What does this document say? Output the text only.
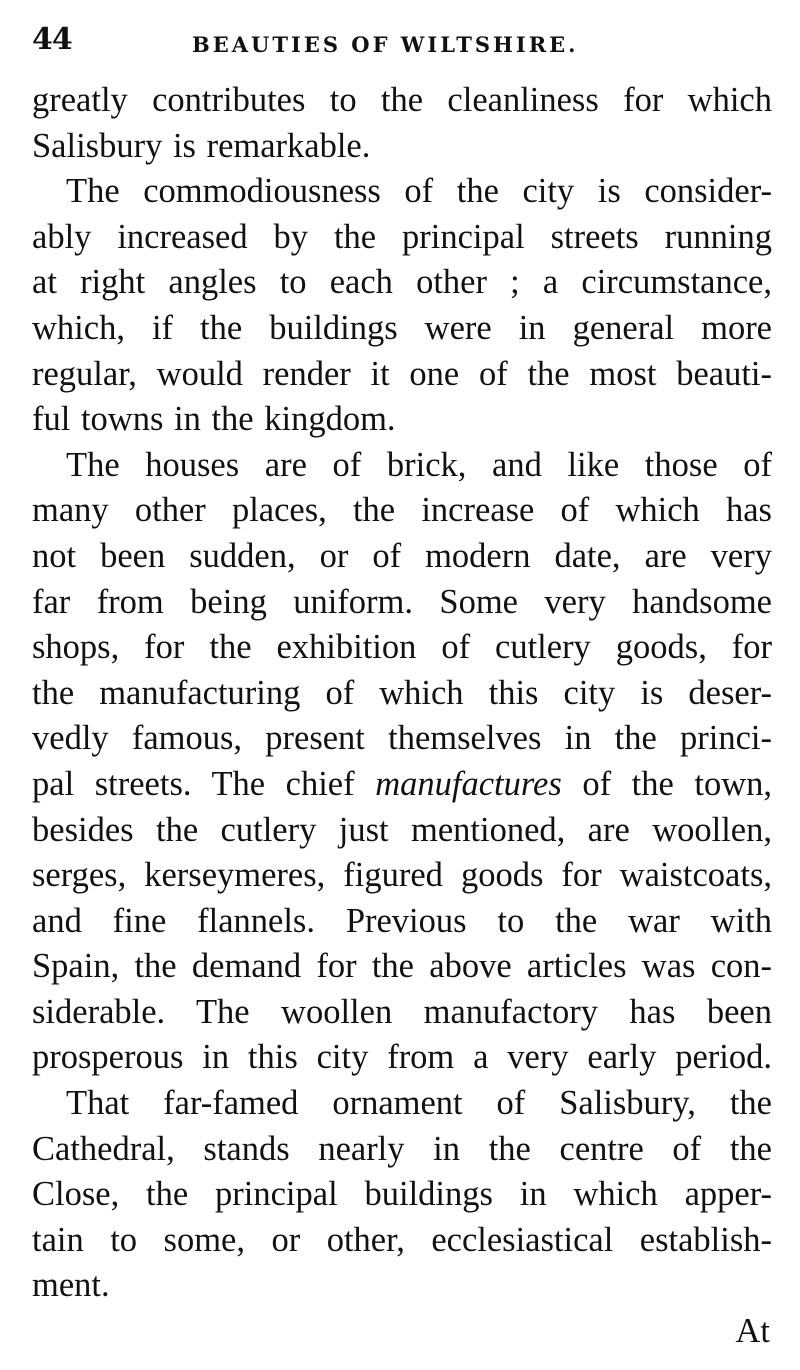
44	BEAUTIES OF WILTSHIRE.
greatly contributes to the cleanliness for which
Salisbury is remarkable.
The commodiousness of the city is consider-
ably increased by the principal streets running
at right angles to each other ; a circumstance,
which, if the buildings were in general more
regular, would render it one of the most beauti-
ful towns in the kingdom.
The houses are of brick, and like those of
many other places, the increase of which has
not been sudden, or of modern date, are very
far from being uniform. Some very handsome
shops, for the exhibition of cutlery goods, for
the manufacturing of which this city is deser-
vedly famous, present themselves in the princi-
pal streets. The chief manufactures of the town,
besides the cutlery just mentioned, are woollen,
serges, kerseymeres, figured goods for waistcoats,
and fine flannels. Previous to the war with
Spain, the demand for the above articles was con-
siderable. The woollen manufactory has been
prosperous in this city from a very early period.
That far-famed ornament of Salisbury, the
Cathedral, stands nearly in the centre of the
Close, the principal buildings in which apper-
tain to some, or other, ecclesiastical establish-
ment.
At
